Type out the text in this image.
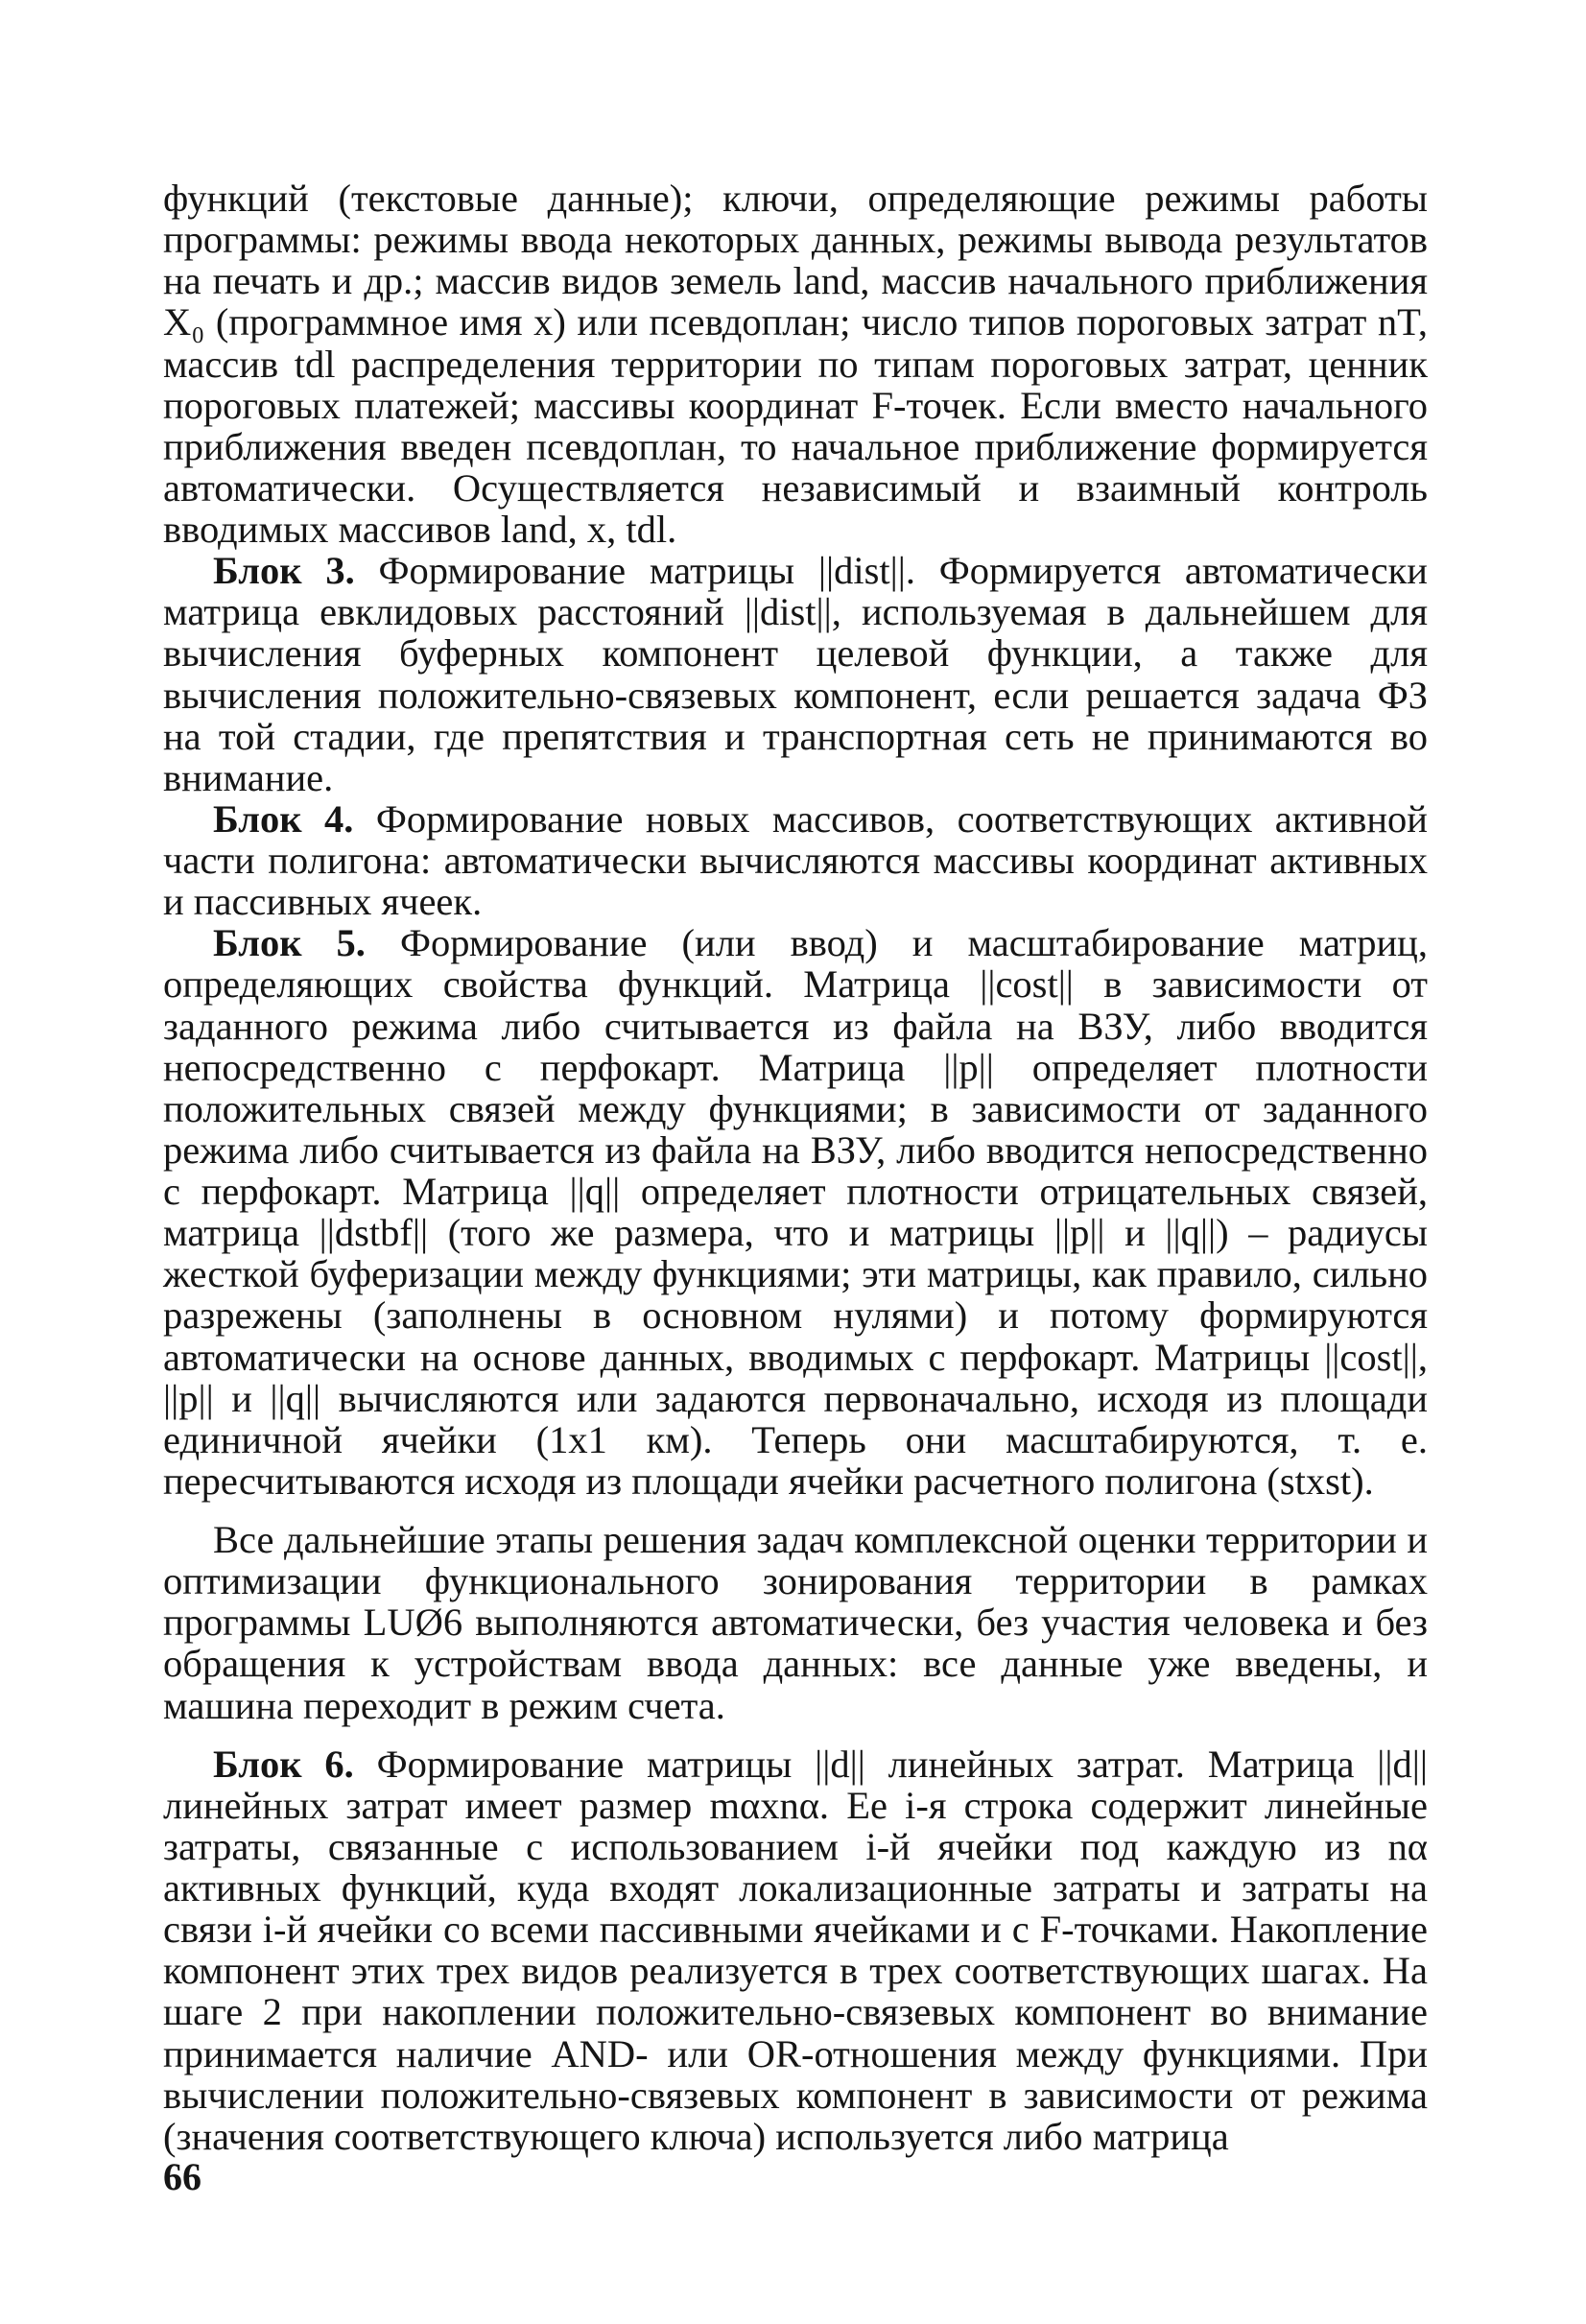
функций (текстовые данные); ключи, определяющие режимы работы программы: режимы ввода некоторых данных, режимы вывода результатов на печать и др.; массив видов земель land, массив начального приближения X₀ (программное имя x) или псевдоплан; число типов пороговых затрат nT, массив tdl распределения территории по типам пороговых затрат, ценник пороговых платежей; массивы координат F-точек. Если вместо начального приближения введен псевдоплан, то начальное приближение формируется автоматически. Осуществляется независимый и взаимный контроль вводимых массивов land, x, tdl.

Блок 3. Формирование матрицы ||dist||. Формируется автоматически матрица евклидовых расстояний ||dist||, используемая в дальнейшем для вычисления буферных компонент целевой функции, а также для вычисления положительно-связевых компонент, если решается задача ФЗ на той стадии, где препятствия и транспортная сеть не принимаются во внимание.

Блок 4. Формирование новых массивов, соответствующих активной части полигона: автоматически вычисляются массивы координат активных и пассивных ячеек.

Блок 5. Формирование (или ввод) и масштабирование матриц, определяющих свойства функций. Матрица ||cost|| в зависимости от заданного режима либо считывается из файла на ВЗУ, либо вводится непосредственно с перфокарт. Матрица ||p|| определяет плотности положительных связей между функциями; в зависимости от заданного режима либо считывается из файла на ВЗУ, либо вводится непосредственно с перфокарт. Матрица ||q|| определяет плотности отрицательных связей, матрица ||dstbf|| (того же размера, что и матрицы ||p|| и ||q||) – радиусы жесткой буферизации между функциями; эти матрицы, как правило, сильно разрежены (заполнены в основном нулями) и потому формируются автоматически на основе данных, вводимых с перфокарт. Матрицы ||cost||, ||p|| и ||q|| вычисляются или задаются первоначально, исходя из площади единичной ячейки (1x1 км). Теперь они масштабируются, т. е. пересчитываются исходя из площади ячейки расчетного полигона (stxst).

Все дальнейшие этапы решения задач комплексной оценки территории и оптимизации функционального зонирования территории в рамках программы LUØ6 выполняются автоматически, без участия человека и без обращения к устройствам ввода данных: все данные уже введены, и машина переходит в режим счета.

Блок 6. Формирование матрицы ||d|| линейных затрат. Матрица ||d|| линейных затрат имеет размер mαxnα. Ее i-я строка содержит линейные затраты, связанные с использованием i-й ячейки под каждую из nα активных функций, куда входят локализационные затраты и затраты на связи i-й ячейки со всеми пассивными ячейками и с F-точками. Накопление компонент этих трех видов реализуется в трех соответствующих шагах. На шаге 2 при накоплении положительно-связевых компонент во внимание принимается наличие AND- или OR-отношения между функциями. При вычислении положительно-связевых компонент в зависимости от режима (значения соответствующего ключа) используется либо матрица

66
